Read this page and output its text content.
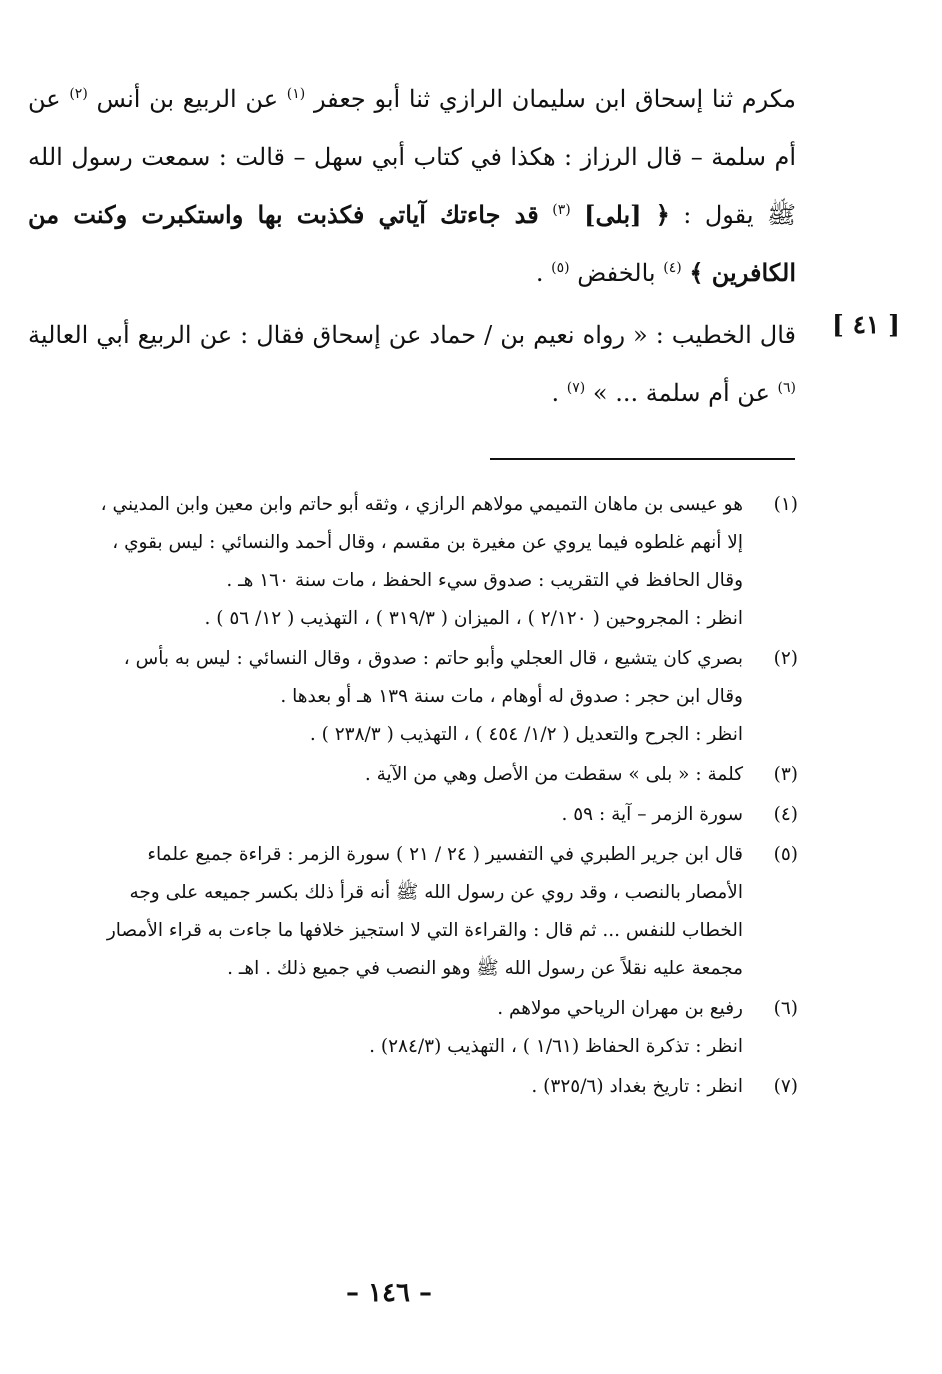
مكرم ثنا إسحاق ابن سليمان الرازي ثنا أبو جعفر $^{(١)}$ عن الربيع بن أنس $^{(٢)}$ عن أم سلمة – قال الرزاز : هكذا في كتاب أبي سهل – قالت : سمعت رسول الله ﷺ يقول : ﴿ [بلى] $^{(٣)}$ قد جاءتك آياتي فكذبت بها واستكبرت وكنت من الكافرين ﴾ $^{(٤)}$ بالخفض $^{(٥)}$ .

قال الخطيب : « رواه نعيم بن / حماد عن إسحاق فقال : عن الربيع أبي العالية $^{(٦)}$ عن أم سلمة ... » $^{(٧)}$ .

[ ٤١ ]
(١)
هو عيسى بن ماهان التميمي مولاهم الرازي ، وثقه أبو حاتم وابن معين وابن المديني ،
إلا أنهم غلطوه فيما يروي عن مغيرة بن مقسم ، وقال أحمد والنسائي : ليس بقوي ،
وقال الحافظ في التقريب : صدوق سيء الحفظ ، مات سنة ١٦٠ هـ .
انظر : المجروحين ( ٢/١٢٠ ) ، الميزان ( ٣١٩/٣ ) ، التهذيب ( ١٢/ ٥٦ ) .
(٢)
بصري كان يتشيع ، قال العجلي وأبو حاتم : صدوق ، وقال النسائي : ليس به بأس ،
وقال ابن حجر : صدوق له أوهام ، مات سنة ١٣٩ هـ أو بعدها .
انظر : الجرح والتعديل ( ١/٢/ ٤٥٤ ) ، التهذيب ( ٢٣٨/٣ ) .
(٣)
كلمة : « بلى » سقطت من الأصل وهي من الآية .
(٤)
سورة الزمر – آية : ٥٩ .
(٥)
قال ابن جرير الطبري في التفسير ( ٢٤ / ٢١ ) سورة الزمر : قراءة جميع علماء
الأمصار بالنصب ، وقد روي عن رسول الله ﷺ أنه قرأ ذلك بكسر جميعه على وجه
الخطاب للنفس ... ثم قال : والقراءة التي لا استجيز خلافها ما جاءت به قراء الأمصار
مجمعة عليه نقلاً عن رسول الله ﷺ وهو النصب في جميع ذلك . اهـ .
(٦)
رفيع بن مهران الرياحي مولاهم .
انظر : تذكرة الحفاظ (١/٦١ ) ، التهذيب (٢٨٤/٣) .
(٧)
انظر : تاريخ بغداد (٣٢٥/٦) .
– ١٤٦ –
